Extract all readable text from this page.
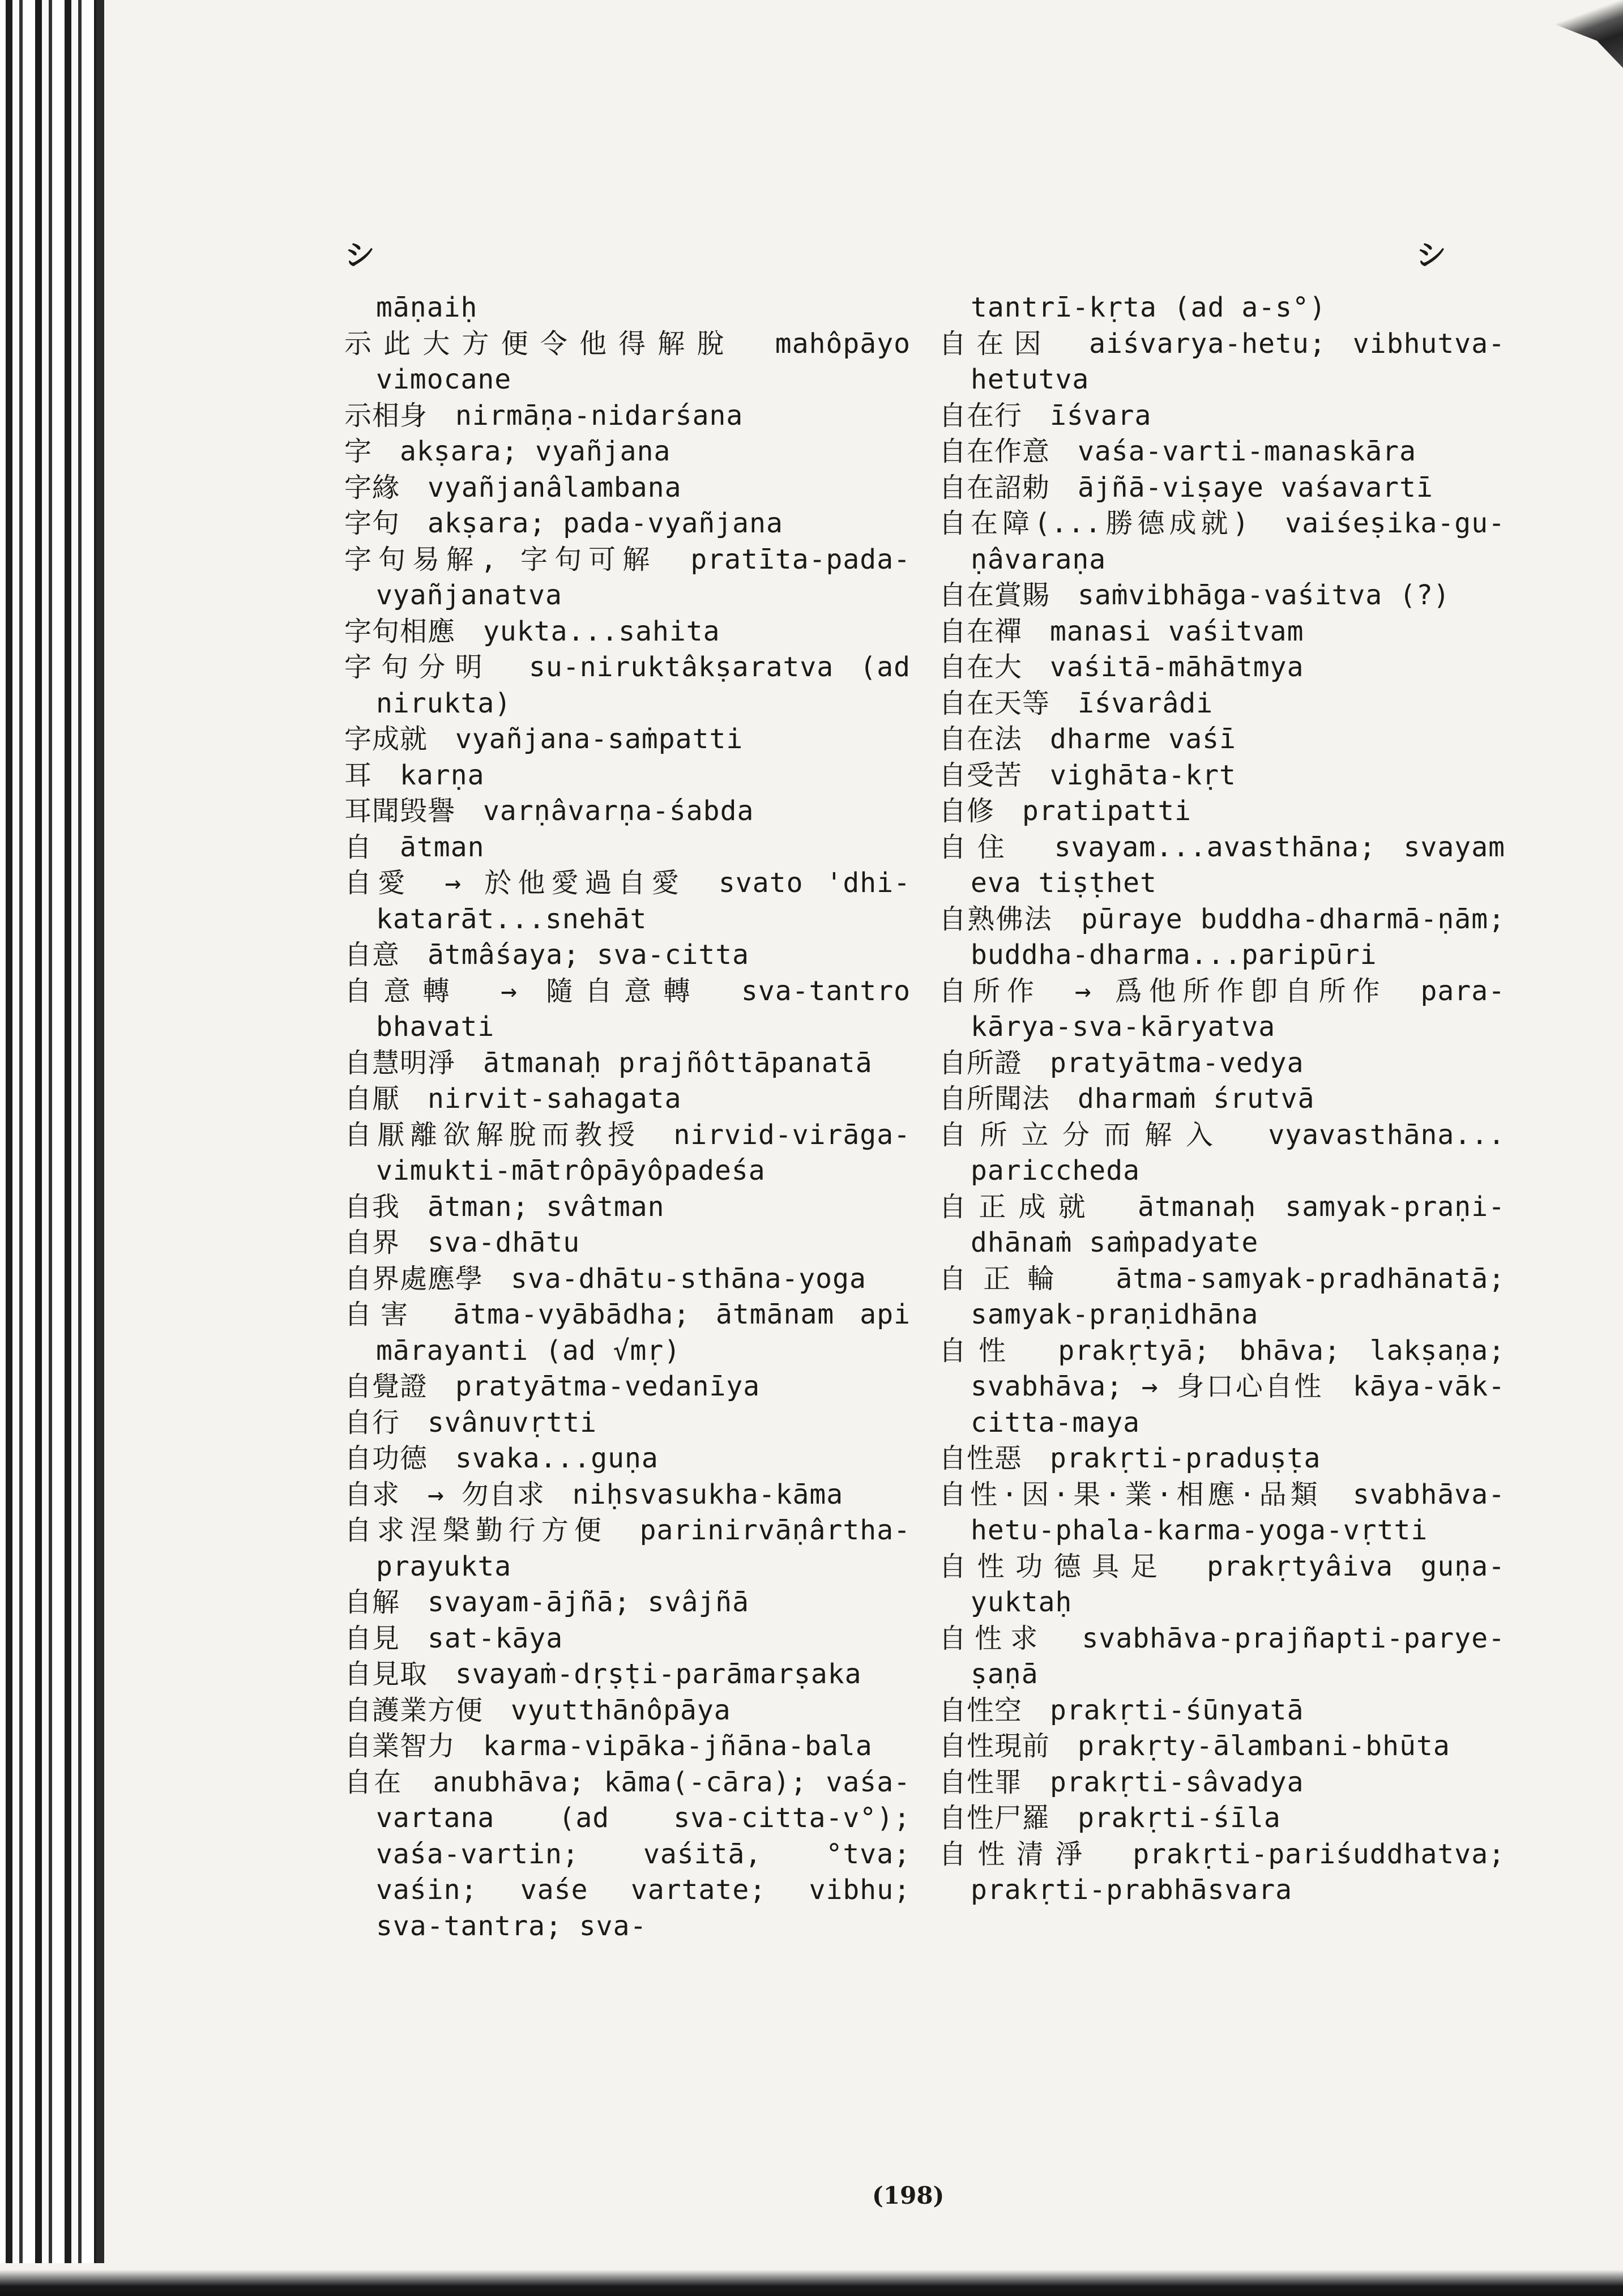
シ	シ
māṇaiḥ
示此大方便令他得解脫　mahôpāyo vimocane
示相身　nirmāṇa-nidarśana
字　akṣara; vyañjana
字緣　vyañjanâlambana
字句　akṣara; pada-vyañjana
字句易解, 字句可解　pratīta-pada-vyañjanatva
字句相應　yukta...sahita
字句分明　su-niruktâkṣaratva (ad nirukta)
字成就　vyañjana-saṁpatti
耳　karṇa
耳聞毁譽　varṇâvarṇa-śabda
自　ātman
自愛　→ 於他愛過自愛　svato 'dhi-katarāt...snehāt
自意　ātmâśaya; sva-citta
自意轉　→ 隨自意轉　sva-tantro bhavati
自慧明淨　ātmanaḥ prajñôttāpanatā
自厭　nirvit-sahagata
自厭離欲解脫而教授　nirvid-virāga-vimukti-mātrôpāyôpadeśa
自我　ātman; svâtman
自界　sva-dhātu
自界處應學　sva-dhātu-sthāna-yoga
自害　ātma-vyābādha; ātmānam api mārayanti (ad √mṛ)
自覺證　pratyātma-vedanīya
自行　svânuvṛtti
自功德　svaka...guṇa
自求　→ 勿自求　niḥsvasukha-kāma
自求涅槃勤行方便　parinirvāṇârtha-prayukta
自解　svayam-ājñā; svâjñā
自見　sat-kāya
自見取　svayaṁ-dṛṣṭi-parāmarṣaka
自護業方便　vyutthānôpāya
自業智力　karma-vipāka-jñāna-bala
自在　anubhāva; kāma(-cāra); vaśa-vartana (ad sva-citta-v°); vaśa-vartin; vaśitā, °tva; vaśin; vaśe vartate; vibhu; sva-tantra; sva-
tantrī-kṛta (ad a-s°)
自在因　aiśvarya-hetu; vibhutva-hetutva
自在行　īśvara
自在作意　vaśa-varti-manaskāra
自在詔勅　ājñā-viṣaye vaśavartī
自在障(...勝德成就)　vaiśeṣika-gu-ṇâvaraṇa
自在賞賜　saṁvibhāga-vaśitva (?)
自在禪　manasi vaśitvam
自在大　vaśitā-māhātmya
自在天等　īśvarâdi
自在法　dharme vaśī
自受苦　vighāta-kṛt
自修　pratipatti
自住　svayam...avasthāna; svayam eva tiṣṭhet
自熟佛法　pūraye buddha-dharmā-ṇām; buddha-dharma...paripūri
自所作　→ 爲他所作卽自所作　para-kārya-sva-kāryatva
自所證　pratyātma-vedya
自所聞法　dharmaṁ śrutvā
自所立分而解入　vyavasthāna... pariccheda
自正成就　ātmanaḥ samyak-praṇi-dhānaṁ saṁpadyate
自正輪　ātma-samyak-pradhānatā; samyak-praṇidhāna
自性　prakṛtyā; bhāva; lakṣaṇa; svabhāva; → 身口心自性　kāya-vāk-citta-maya
自性惡　prakṛti-praduṣṭa
自性·因·果·業·相應·品類　svabhāva-hetu-phala-karma-yoga-vṛtti
自性功德具足　prakṛtyâiva guṇa-yuktaḥ
自性求　svabhāva-prajñapti-parye-ṣaṇā
自性空　prakṛti-śūnyatā
自性現前　prakṛty-ālambani-bhūta
自性罪　prakṛti-sâvadya
自性尸羅　prakṛti-śīla
自性清淨　prakṛti-pariśuddhatva; prakṛti-prabhāsvara
(198)
